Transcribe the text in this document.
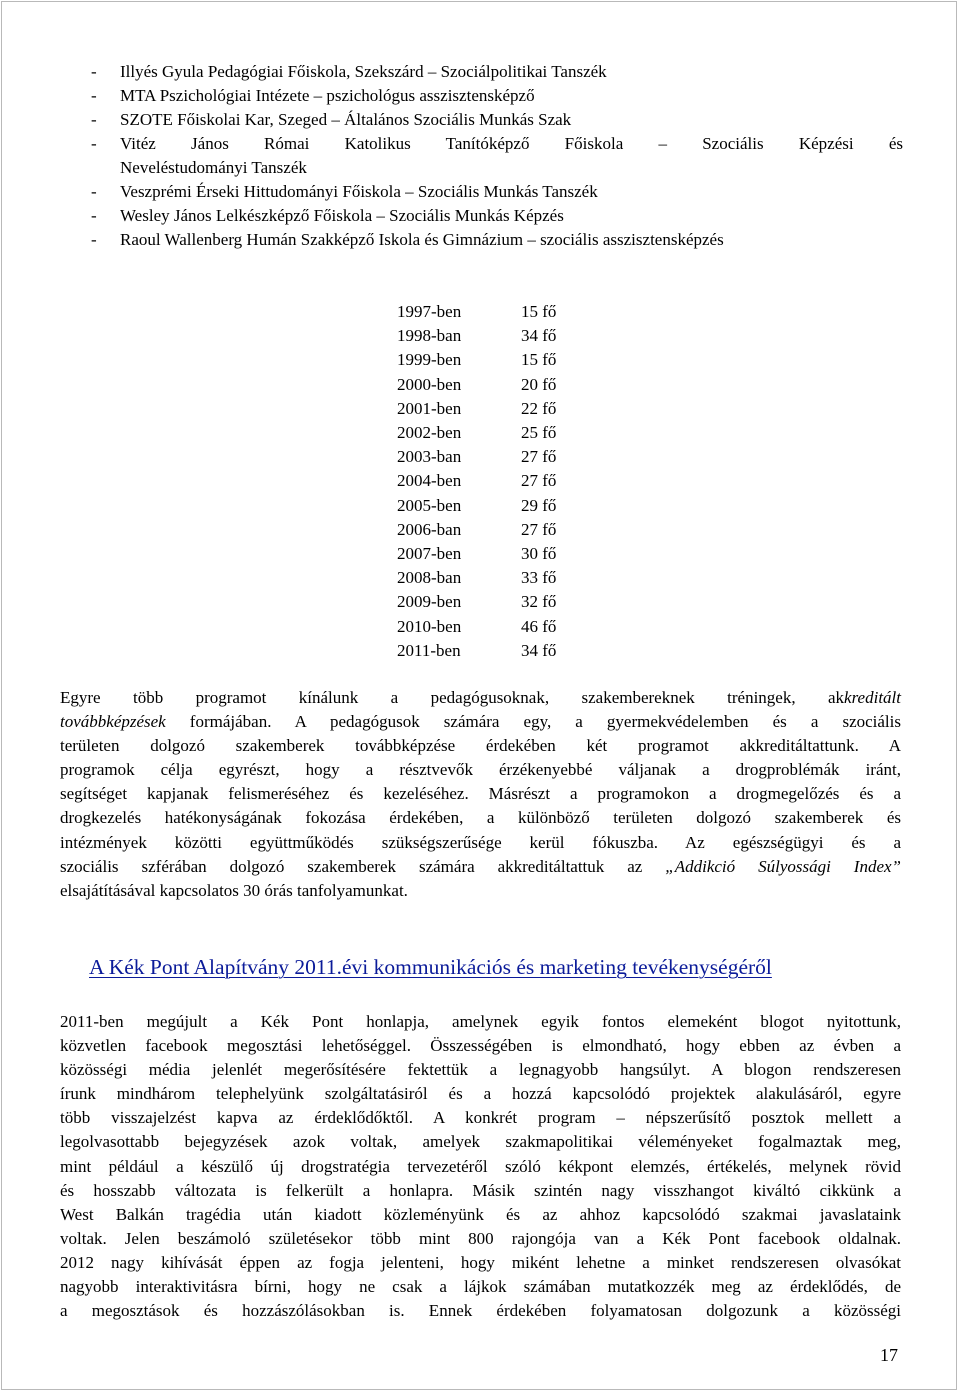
- Illyés Gyula Pedagógiai Főiskola, Szekszárd – Szociálpolitikai Tanszék
- MTA Pszichológiai Intézete – pszichológus asszisztensképző
- SZOTE Főiskolai Kar, Szeged – Általános Szociális Munkás Szak
- Vitéz János Római Katolikus Tanítóképző Főiskola – Szociális Képzési és
Neveléstudományi Tanszék
- Veszprémi Érseki Hittudományi Főiskola – Szociális Munkás Tanszék
- Wesley János Lelkészképző Főiskola – Szociális Munkás Képzés
- Raoul Wallenberg Humán Szakképző Iskola és Gimnázium – szociális asszisztensképzés
1997-ben	15 fő
1998-ban	34 fő
1999-ben	15 fő
2000-ben	20 fő
2001-ben	22 fő
2002-ben	25 fő
2003-ban	27 fő
2004-ben	27 fő
2005-ben	29 fő
2006-ban	27 fő
2007-ben	30 fő
2008-ban	33 fő
2009-ben	32 fő
2010-ben	46 fő
2011-ben	34 fő
Egyre több programot kínálunk a pedagógusoknak, szakembereknek tréningek, akkreditált
továbbképzések formájában. A pedagógusok számára egy, a gyermekvédelemben és a szociális
területen dolgozó szakemberek továbbképzése érdekében két programot akkreditáltattunk. A
programok célja egyrészt, hogy a résztvevők érzékenyebbé váljanak a drogproblémák iránt,
segítséget kapjanak felismeréséhez és kezeléséhez. Másrészt a programokon a drogmegelőzés és a
drogkezelés hatékonyságának fokozása érdekében, a különböző területen dolgozó szakemberek és
intézmények közötti együttműködés szükségszerűsége kerül fókuszba. Az egészségügyi és a
szociális szférában dolgozó szakemberek számára akkreditáltattuk az „Addikció Súlyossági Index”
elsajátításával kapcsolatos 30 órás tanfolyamunkat.
A Kék Pont Alapítvány 2011.évi kommunikációs és marketing tevékenységéről
2011-ben megújult a Kék Pont honlapja, amelynek egyik fontos elemeként blogot nyitottunk,
közvetlen facebook megosztási lehetőséggel. Összességében is elmondható, hogy ebben az évben a
közösségi média jelenlét megerősítésére fektettük a legnagyobb hangsúlyt. A blogon rendszeresen
írunk mindhárom telephelyünk szolgáltatásiról és a hozzá kapcsolódó projektek alakulásáról, egyre
több visszajelzést kapva az érdeklődőktől. A konkrét program – népszerűsítő posztok mellett a
legolvasottabb bejegyzések azok voltak, amelyek szakmapolitikai véleményeket fogalmaztak meg,
mint például a készülő új drogstratégia tervezetéről szóló kékpont elemzés, értékelés, melynek rövid
és hosszabb változata is felkerült a honlapra. Másik szintén nagy visszhangot kiváltó cikkünk a
West Balkán tragédia után kiadott közleményünk és az ahhoz kapcsolódó szakmai javaslataink
voltak. Jelen beszámoló születésekor több mint 800 rajongója van a Kék Pont facebook oldalnak.
2012 nagy kihívását éppen az fogja jelenteni, hogy miként lehetne a minket rendszeresen olvasókat
nagyobb interaktivitásra bírni, hogy ne csak a lájkok számában mutatkozzék meg az érdeklődés, de
a megosztások és hozzászólásokban is. Ennek érdekében folyamatosan dolgozunk a közösségi
17
